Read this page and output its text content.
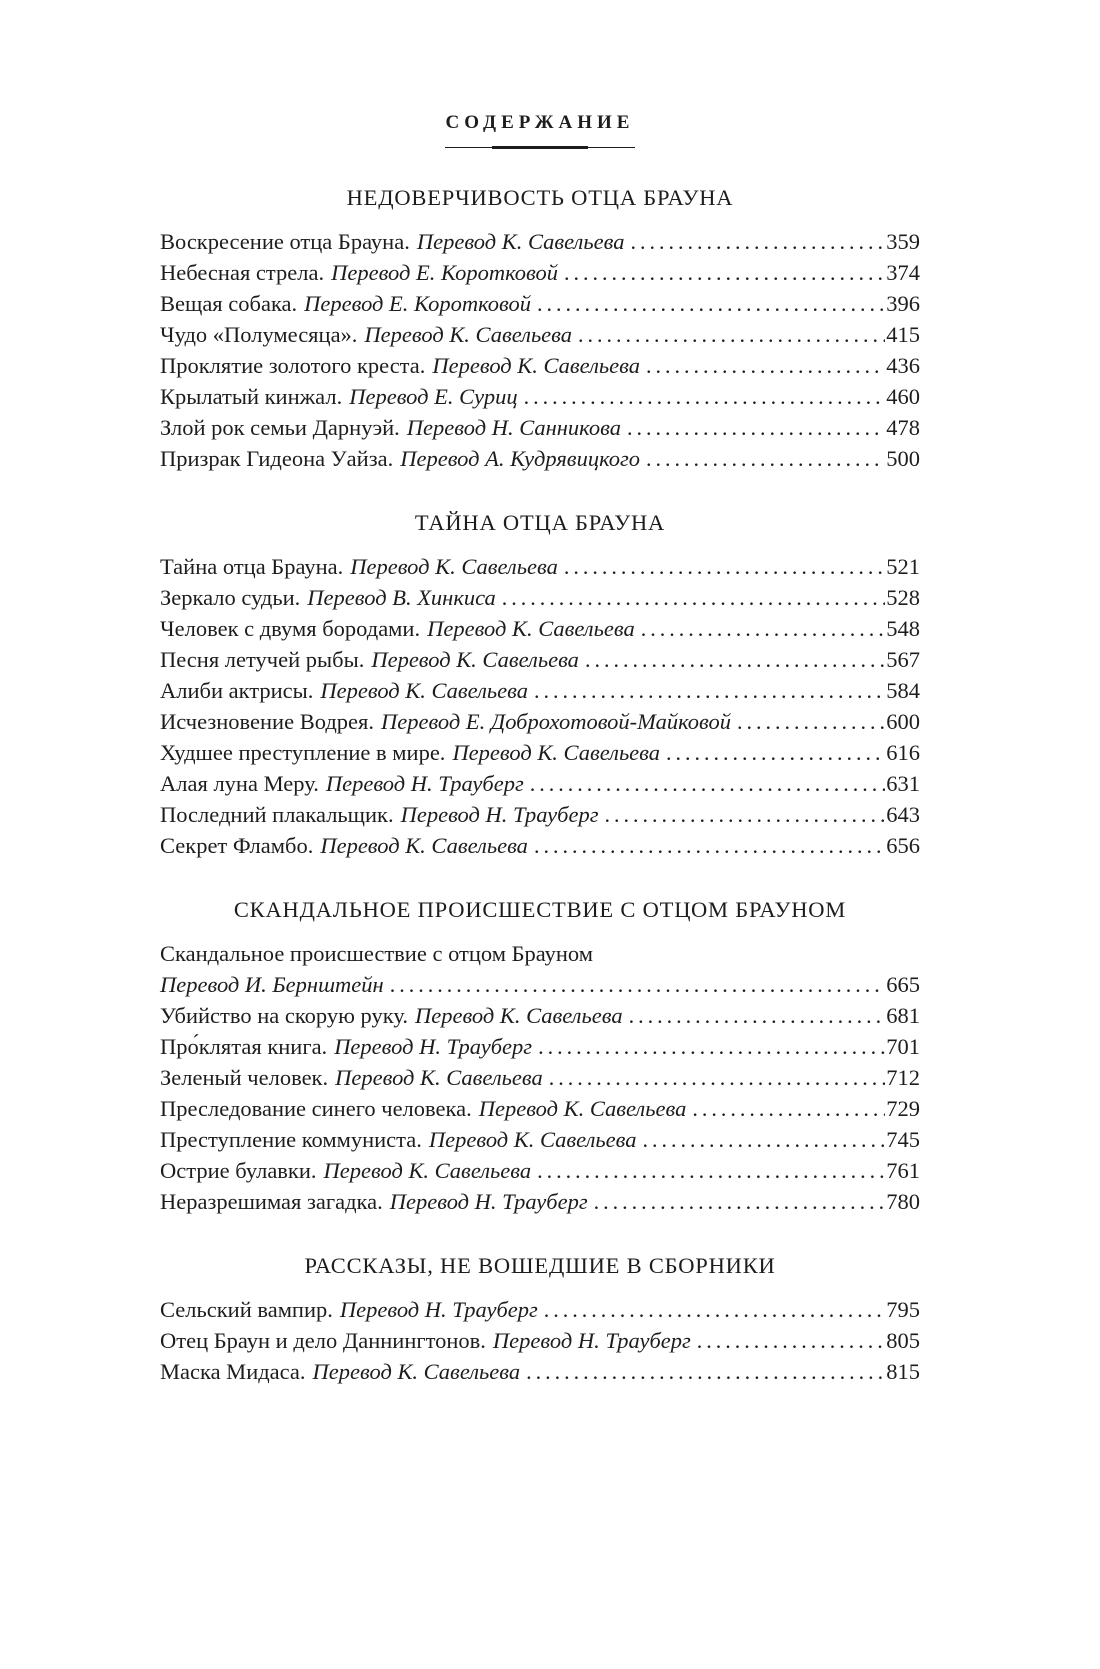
СОДЕРЖАНИЕ
НЕДОВЕРЧИВОСТЬ ОТЦА БРАУНА
Воскресение отца Брауна. Перевод К. Савельева .....	359
Небесная стрела. Перевод Е. Коротковой .....	374
Вещая собака. Перевод Е. Коротковой .....	396
Чудо «Полумесяца». Перевод К. Савельева .....	415
Проклятие золотого креста. Перевод К. Савельева .....	436
Крылатый кинжал. Перевод Е. Суриц .....	460
Злой рок семьи Дарнуэй. Перевод Н. Санникова .....	478
Призрак Гидеона Уайза. Перевод А. Кудрявицкого .....	500
ТАЙНА ОТЦА БРАУНА
Тайна отца Брауна. Перевод К. Савельева .....	521
Зеркало судьи. Перевод В. Хинкиса .....	528
Человек с двумя бородами. Перевод К. Савельева .....	548
Песня летучей рыбы. Перевод К. Савельева .....	567
Алиби актрисы. Перевод К. Савельева .....	584
Исчезновение Водрея. Перевод Е. Доброхотовой-Майковой .....	600
Худшее преступление в мире. Перевод К. Савельева .....	616
Алая луна Меру. Перевод Н. Трауберг .....	631
Последний плакальщик. Перевод Н. Трауберг .....	643
Секрет Фламбо. Перевод К. Савельева .....	656
СКАНДАЛЬНОЕ ПРОИСШЕСТВИЕ С ОТЦОМ БРАУНОМ
Скандальное происшествие с отцом Брауном
Перевод И. Бернштейн .....	665
Убийство на скорую руку. Перевод К. Савельева .....	681
Про́клятая книга. Перевод Н. Трауберг .....	701
Зеленый человек. Перевод К. Савельева .....	712
Преследование синего человека. Перевод К. Савельева .....	729
Преступление коммуниста. Перевод К. Савельева .....	745
Острие булавки. Перевод К. Савельева .....	761
Неразрешимая загадка. Перевод Н. Трауберг .....	780
РАССКАЗЫ, НЕ ВОШЕДШИЕ В СБОРНИКИ
Сельский вампир. Перевод Н. Трауберг .....	795
Отец Браун и дело Даннингтонов. Перевод Н. Трауберг .....	805
Маска Мидаса. Перевод К. Савельева .....	815
